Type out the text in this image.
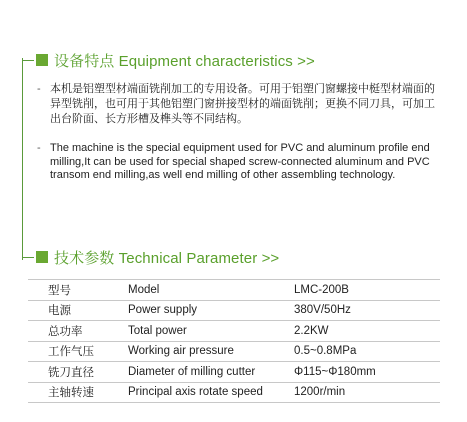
设备特点 Equipment characteristics >>
- 本机是铝塑型材端面铣削加工的专用设备。可用于铝塑门窗螺接中梃型材端面的异型铣削，也可用于其他铝塑门窗拼接型材的端面铣削；更换不同刀具，可加工出台阶面、长方形槽及榫头等不同结构。
- The machine is the special equipment used for PVC and aluminum profile end milling,It can be used for special shaped screw-connected aluminum and PVC transom end milling,as well end milling of other assembling technology.
技术参数 Technical Parameter >>
型号	Model	LMC-200B
电源	Power supply	380V/50Hz
总功率	Total power	2.2KW
工作气压	Working air pressure	0.5~0.8MPa
铣刀直径	Diameter of milling cutter	Φ115~Φ180mm
主轴转速	Principal axis rotate speed	1200r/min
